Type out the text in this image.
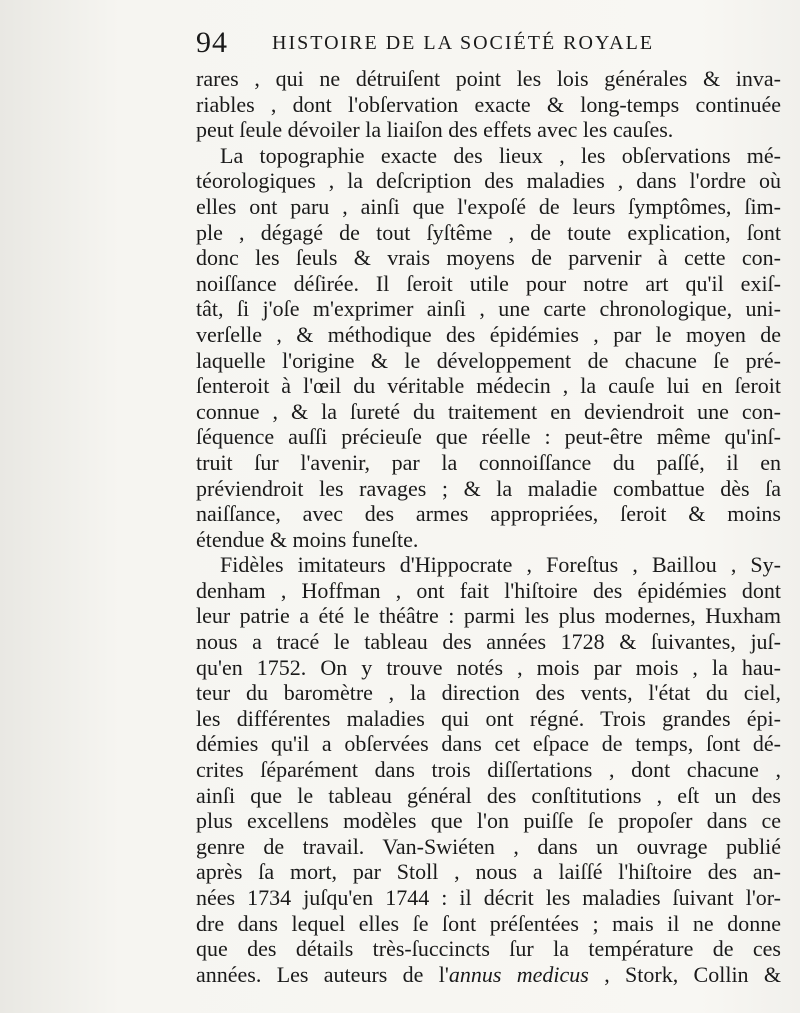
94 HISTOIRE DE LA SOCIÉTÉ ROYALE

rares , qui ne détruiſent point les lois générales & inva-

riables , dont l'obſervation exacte & long-temps continuée

peut ſeule dévoiler la liaiſon des effets avec les cauſes.

La topographie exacte des lieux , les obſervations mé-

téorologiques , la deſcription des maladies , dans l'ordre où

elles ont paru , ainſi que l'expoſé de leurs ſymptômes, ſim-

ple , dégagé de tout ſyſtême , de toute explication, ſont

donc les ſeuls & vrais moyens de parvenir à cette con-

noiſſance déſirée. Il ſeroit utile pour notre art qu'il exiſ-

tât, ſi j'oſe m'exprimer ainſi , une carte chronologique, uni-

verſelle , & méthodique des épidémies , par le moyen de

laquelle l'origine & le développement de chacune ſe pré-

ſenteroit à l'œil du véritable médecin , la cauſe lui en ſeroit

connue , & la ſureté du traitement en deviendroit une con-

ſéquence auſſi précieuſe que réelle : peut-être même qu'inſ-

truit ſur l'avenir, par la connoiſſance du paſſé, il en

préviendroit les ravages ; & la maladie combattue dès ſa

naiſſance, avec des armes appropriées, ſeroit & moins

étendue & moins funeſte.

Fidèles imitateurs d'Hippocrate , Foreſtus , Baillou , Sy-

denham , Hoffman , ont fait l'hiſtoire des épidémies dont

leur patrie a été le théâtre : parmi les plus modernes, Huxham

nous a tracé le tableau des années 1728 & ſuivantes, juſ-

qu'en 1752. On y trouve notés , mois par mois , la hau-

teur du baromètre , la direction des vents, l'état du ciel,

les différentes maladies qui ont régné. Trois grandes épi-

démies qu'il a obſervées dans cet eſpace de temps, ſont dé-

crites ſéparément dans trois diſſertations , dont chacune ,

ainſi que le tableau général des conſtitutions , eſt un des

plus excellens modèles que l'on puiſſe ſe propoſer dans ce

genre de travail. Van-Swiéten , dans un ouvrage publié

après ſa mort, par Stoll , nous a laiſſé l'hiſtoire des an-

nées 1734 juſqu'en 1744 : il décrit les maladies ſuivant l'or-

dre dans lequel elles ſe ſont préſentées ; mais il ne donne

que des détails très-ſuccincts ſur la température de ces

années. Les auteurs de l'annus medicus , Stork, Collin &
